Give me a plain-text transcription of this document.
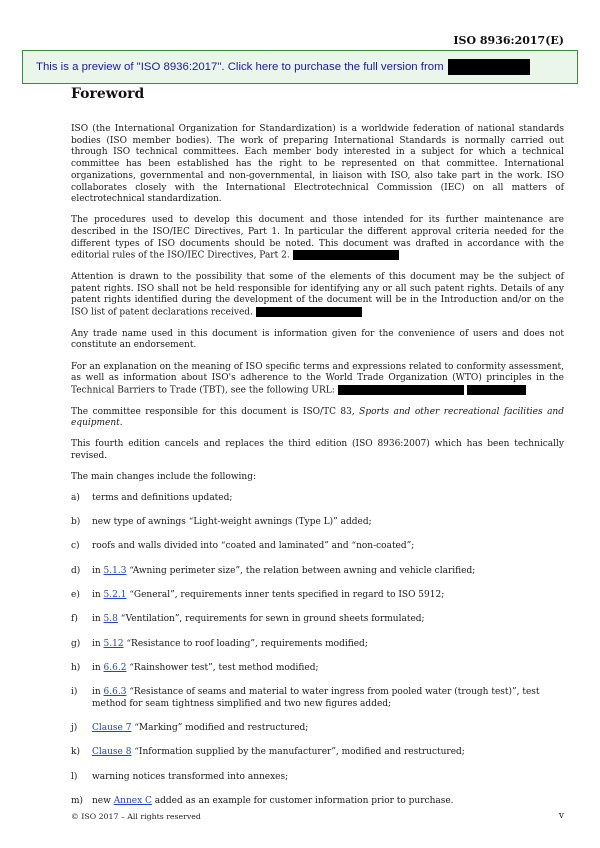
ISO 8936:2017(E)
This is a preview of "ISO 8936:2017". Click here to purchase the full version from
Foreword

ISO (the International Organization for Standardization) is a worldwide federation of national standards bodies (ISO member bodies). The work of preparing International Standards is normally carried out through ISO technical committees. Each member body interested in a subject for which a technical committee has been established has the right to be represented on that committee. International organizations, governmental and non-governmental, in liaison with ISO, also take part in the work. ISO collaborates closely with the International Electrotechnical Commission (IEC) on all matters of electrotechnical standardization.

The procedures used to develop this document and those intended for its further maintenance are described in the ISO/IEC Directives, Part 1. In particular the different approval criteria needed for the different types of ISO documents should be noted. This document was drafted in accordance with the editorial rules of the ISO/IEC Directives, Part 2.

Attention is drawn to the possibility that some of the elements of this document may be the subject of patent rights. ISO shall not be held responsible for identifying any or all such patent rights. Details of any patent rights identified during the development of the document will be in the Introduction and/or on the ISO list of patent declarations received.

Any trade name used in this document is information given for the convenience of users and does not constitute an endorsement.

For an explanation on the meaning of ISO specific terms and expressions related to conformity assessment, as well as information about ISO's adherence to the World Trade Organization (WTO) principles in the Technical Barriers to Trade (TBT), see the following URL:

The committee responsible for this document is ISO/TC 83, Sports and other recreational facilities and equipment.

This fourth edition cancels and replaces the third edition (ISO 8936:2007) which has been technically revised.

The main changes include the following:

a) terms and definitions updated;
b) new type of awnings “Light-weight awnings (Type L)” added;
c) roofs and walls divided into “coated and laminated” and “non-coated”;
d) in 5.1.3 “Awning perimeter size”, the relation between awning and vehicle clarified;
e) in 5.2.1 “General”, requirements inner tents specified in regard to ISO 5912;
f) in 5.8 “Ventilation”, requirements for sewn in ground sheets formulated;
g) in 5.12 “Resistance to roof loading”, requirements modified;
h) in 6.6.2 “Rainshower test”, test method modified;
i) in 6.6.3 “Resistance of seams and material to water ingress from pooled water (trough test)”, test method for seam tightness simplified and two new figures added;
j) Clause 7 “Marking” modified and restructured;
k) Clause 8 “Information supplied by the manufacturer”, modified and restructured;
l) warning notices transformed into annexes;
m) new Annex C added as an example for customer information prior to purchase.
© ISO 2017 – All rights reserved	v
